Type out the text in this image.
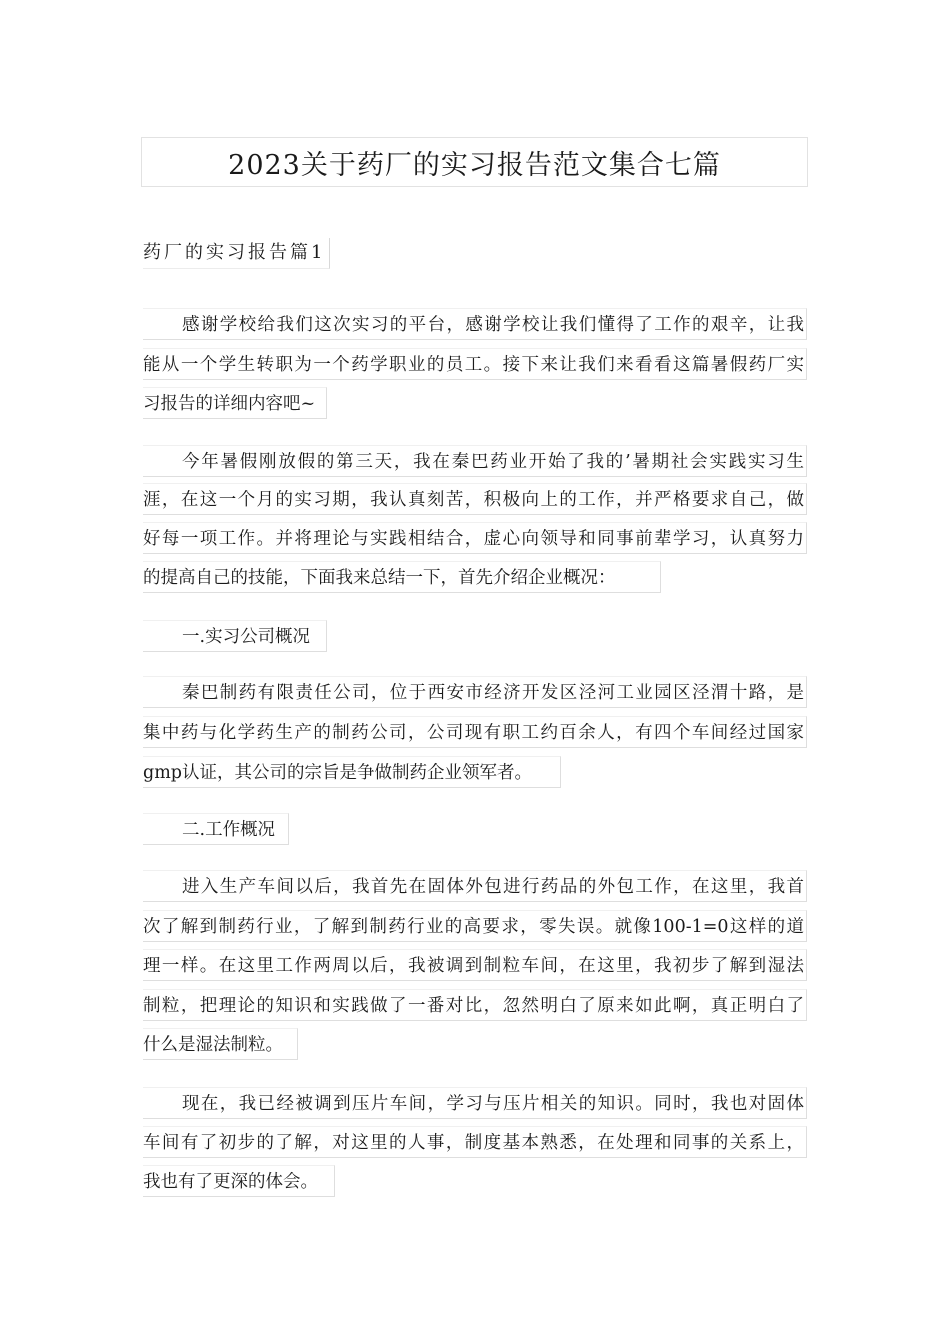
2023关于药厂的实习报告范文集合七篇
药厂的实习报告篇1
感谢学校给我们这次实习的平台，感谢学校让我们懂得了工作的艰辛，让我
能从一个学生转职为一个药学职业的员工。接下来让我们来看看这篇暑假药厂实
习报告的详细内容吧~
今年暑假刚放假的第三天，我在秦巴药业开始了我的’暑期社会实践实习生
涯，在这一个月的实习期，我认真刻苦，积极向上的工作，并严格要求自己，做
好每一项工作。并将理论与实践相结合，虚心向领导和同事前辈学习，认真努力
的提高自己的技能，下面我来总结一下，首先介绍企业概况：
一.实习公司概况
秦巴制药有限责任公司，位于西安市经济开发区泾河工业园区泾渭十路，是
集中药与化学药生产的制药公司，公司现有职工约百余人，有四个车间经过国家
gmp认证，其公司的宗旨是争做制药企业领军者。
二.工作概况
进入生产车间以后，我首先在固体外包进行药品的外包工作，在这里，我首
次了解到制药行业，了解到制药行业的高要求，零失误。就像100-1=0这样的道
理一样。在这里工作两周以后，我被调到制粒车间，在这里，我初步了解到湿法
制粒，把理论的知识和实践做了一番对比，忽然明白了原来如此啊，真正明白了
什么是湿法制粒。
现在，我已经被调到压片车间，学习与压片相关的知识。同时，我也对固体
车间有了初步的了解，对这里的人事，制度基本熟悉，在处理和同事的关系上，
我也有了更深的体会。
